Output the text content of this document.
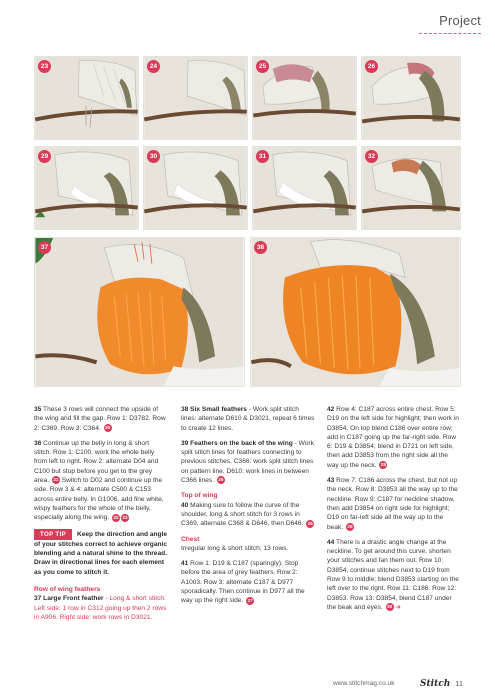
Project
23	24	25	26
29	30	31	32
37	38

35 These 3 rows will connect the upside of the wing and fill the gap. Row 1: D3782. Row 2: C369. Row 3: C364. 20

36 Continue up the belly in long & short stitch. Row 1: C100, work the whole belly from left to right. Row 2: alternate D04 and C100 but stop before you get to the grey area. 21 Switch to D02 and continue up the side. Row 3 & 4: alternate C500 & C153 across entire belly. In G1006, add fine white, wispy feathers for the whole of the belly, especially along the wing. 22 23

TOP TIP Keep the direction and angle of your stitches correct to achieve organic blending and a natural shine to the thread. Draw in directional lines for each element as you come to stitch it.
Row of wing feathers

37 Large Front feather - Long & short stitch: Left side: 1 row in C312 going up then 2 rows in A906. Right side: work rows in D3021.

38 Six Small feathers - Work split stitch lines: alternate D610 & D3021, repeat 6 times to create 12 lines.

39 Feathers on the back of the wing - Work split stitch lines for feathers connecting to previous stitches. C366: work split stitch lines on pattern line. D610: work lines in between C366 lines. 25

Top of wing

40 Making sure to follow the curve of the shoulder, long & short stitch for 3 rows in C369, alternate C368 & D646, then D646. 26

Chest

Irregular long & short stitch; 13 rows.

41 Row 1: D19 & C187 (sparingly). Stop before the area of grey feathers. Row 2: A1003. Row 3: alternate C187 & D977 sporadically. Then continue in D977 all the way up the right side. 27

42 Row 4: C187 across entire chest. Row 5: D19 on the left side for highlight; then work in D3854. On top blend C186 over entire row; add in C187 going up the far-right side. Row 6: D19 & D3854; blend in D721 on left side, then add D3853 from the right side all the way up the neck. 28

43 Row 7: C186 across the chest, but not up the neck. Row 8: D3853 all the way up to the neckline. Row 9: C187 for neckline shadow, then add D3854 on right side for highlight; D19 on far-left side all the way up to the beak. 29

44 There is a drastic angle change at the neckline. To get around this curve, shorten your stitches and fan them out. Row 10: D3854, continue stitches next to D19 from Row 9 to middle; blend D3853 starting on the left over to the right. Row 11: C186. Row 12: D3853. Row 13: D3854, blend C187 under the beak and eyes. 30 ➜

www.stitchmag.co.uk	Stitch 11
